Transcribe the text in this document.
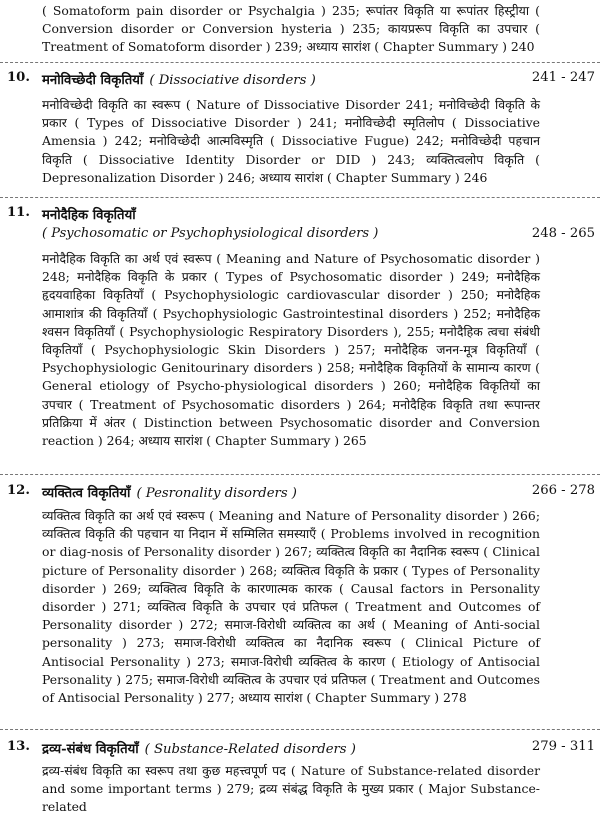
( Somatoform pain disorder or Psychalgia ) 235; रूपांतर विकृति या रूपांतर हिस्ट्रीया ( Conversion disorder or Conversion hysteria ) 235; कायप्ररूप विकृति का उपचार ( Treatment of Somatoform disorder ) 239; अध्याय सारांश ( Chapter Summary ) 240

10. मनोविच्छेदी विकृतियाँ ( Dissociative disorders )	241 - 247

मनोविच्छेदी विकृति का स्वरूप ( Nature of Dissociative Disorder 241; मनोविच्छेदी विकृति के प्रकार ( Types of Dissociative Disorder ) 241; मनोविच्छेदी स्मृतिलोप ( Dissociative Amensia ) 242; मनोविच्छेदी आत्मविस्मृति ( Dissociative Fugue) 242; मनोविच्छेदी पहचान विकृति ( Dissociative Identity Disorder or DID ) 243; व्यक्तित्वलोप विकृति ( Depresonalization Disorder ) 246; अध्याय सारांश ( Chapter Summary ) 246

11. मनोदैहिक विकृतियाँ
( Psychosomatic or Psychophysiological disorders )	248 - 265

मनोदैहिक विकृति का अर्थ एवं स्वरूप ( Meaning and Nature of Psychosomatic disorder ) 248; मनोदैहिक विकृति के प्रकार ( Types of Psychosomatic disorder ) 249; मनोदैहिक हृदयवाहिका विकृतियाँ ( Psychophysiologic cardiovascular disorder ) 250; मनोदैहिक आमाशांत्र की विकृतियाँ ( Psychophysiologic Gastrointestinal disorders ) 252; मनोदैहिक श्वसन विकृतियाँ ( Psychophysiologic Respiratory Disorders ), 255; मनोदैहिक त्वचा संबंधी विकृतियाँ ( Psychophysiologic Skin Disorders ) 257; मनोदैहिक जनन-मूत्र विकृतियाँ ( Psychophysiologic Genitourinary disorders ) 258; मनोदैहिक विकृतियों के सामान्य कारण ( General etiology of Psycho-physiological disorders ) 260; मनोदैहिक विकृतियों का उपचार ( Treatment of Psychosomatic disorders ) 264; मनोदैहिक विकृति तथा रूपान्तर प्रतिक्रिया में अंतर ( Distinction between Psychosomatic disorder and Conversion reaction ) 264; अध्याय सारांश ( Chapter Summary ) 265

12. व्यक्तित्व विकृतियाँ ( Pesronality disorders )	266 - 278

व्यक्तित्व विकृति का अर्थ एवं स्वरूप ( Meaning and Nature of Personality disorder ) 266; व्यक्तित्व विकृति की पहचान या निदान में सम्मिलित समस्याएँ ( Problems involved in recognition or diag-nosis of Personality disorder ) 267; व्यक्तित्व विकृति का नैदानिक स्वरूप ( Clinical picture of Personality disorder ) 268; व्यक्तित्व विकृति के प्रकार ( Types of Personality disorder ) 269; व्यक्तित्व विकृति के कारणात्मक कारक ( Causal factors in Personality disorder ) 271; व्यक्तित्व विकृति के उपचार एवं प्रतिफल ( Treatment and Outcomes of Personality disorder ) 272; समाज-विरोधी व्यक्तित्व का अर्थ ( Meaning of Anti-social personality ) 273; समाज-विरोधी व्यक्तित्व का नैदानिक स्वरूप ( Clinical Picture of Antisocial Personality ) 273; समाज-विरोधी व्यक्तित्व के कारण ( Etiology of Antisocial Personality ) 275; समाज-विरोधी व्यक्तित्व के उपचार एवं प्रतिफल ( Treatment and Outcomes of Antisocial Personality ) 277; अध्याय सारांश ( Chapter Summary ) 278

13. द्रव्य-संबंध विकृतियाँ ( Substance-Related disorders )	279 - 311

द्रव्य-संबंध विकृति का स्वरूप तथा कुछ महत्त्वपूर्ण पद ( Nature of Substance-related disorder and some important terms ) 279; द्रव्य संबंद्ध विकृति के मुख्य प्रकार ( Major Substance-related
